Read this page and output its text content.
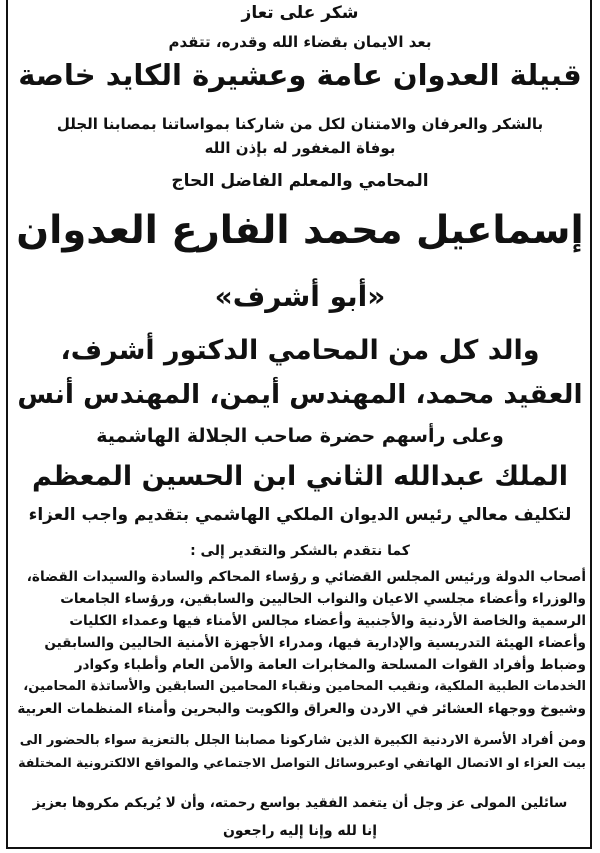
شكر على تعاز
بعد الايمان بقضاء الله وقدره، تتقدم
قبيلة العدوان عامة وعشيرة الكايد خاصة
بالشكر والعرفان والامتنان لكل من شاركنا بمواساتنا بمصابنا الجلل
بوفاة المغفور له بإذن الله
المحامي والمعلم الفاضل الحاج
إسماعيل محمد الفارع العدوان
«أبو أشرف»
والد كل من المحامي الدكتور أشرف،
العقيد محمد، المهندس أيمن، المهندس أنس
وعلى رأسهم حضرة صاحب الجلالة الهاشمية
الملك عبدالله الثاني ابن الحسين المعظم
لتكليف معالي رئيس الديوان الملكي الهاشمي بتقديم واجب العزاء
كما نتقدم بالشكر والتقدير إلى :
أصحاب الدولة ورئيس المجلس القضائي و رؤساء المحاكم والسادة والسيدات القضاة،
والوزراء وأعضاء مجلسي الاعيان والنواب الحاليين والسابقين، ورؤساء الجامعات
الرسمية والخاصة الأردنية والأجنبية وأعضاء مجالس الأمناء فيها وعمداء الكليات
وأعضاء الهيئة التدريسية والإدارية فيها، ومدراء الأجهزة الأمنية الحاليين والسابقين
وضباط وأفراد القوات المسلحة والمخابرات العامة والأمن العام وأطباء وكوادر
الخدمات الطبية الملكية، ونقيب المحامين ونقباء المحامين السابقين والأساتذة المحامين،
وشيوخ ووجهاء العشائر في الاردن والعراق والكويت والبحرين وأمناء المنظمات العربية
ومن أفراد الأسرة الاردنية الكبيرة الذين شاركونا مصابنا الجلل بالتعزية سواء بالحضور الى
بيت العزاء او الاتصال الهاتفي اوعبروسائل التواصل الاجتماعي والمواقع الالكترونية المختلفة
سائلين المولى عز وجل أن يتغمد الفقيد بواسع رحمته، وأن لا يُريكم مكروها بعزيز
إنا لله وإنا إليه راجعون
